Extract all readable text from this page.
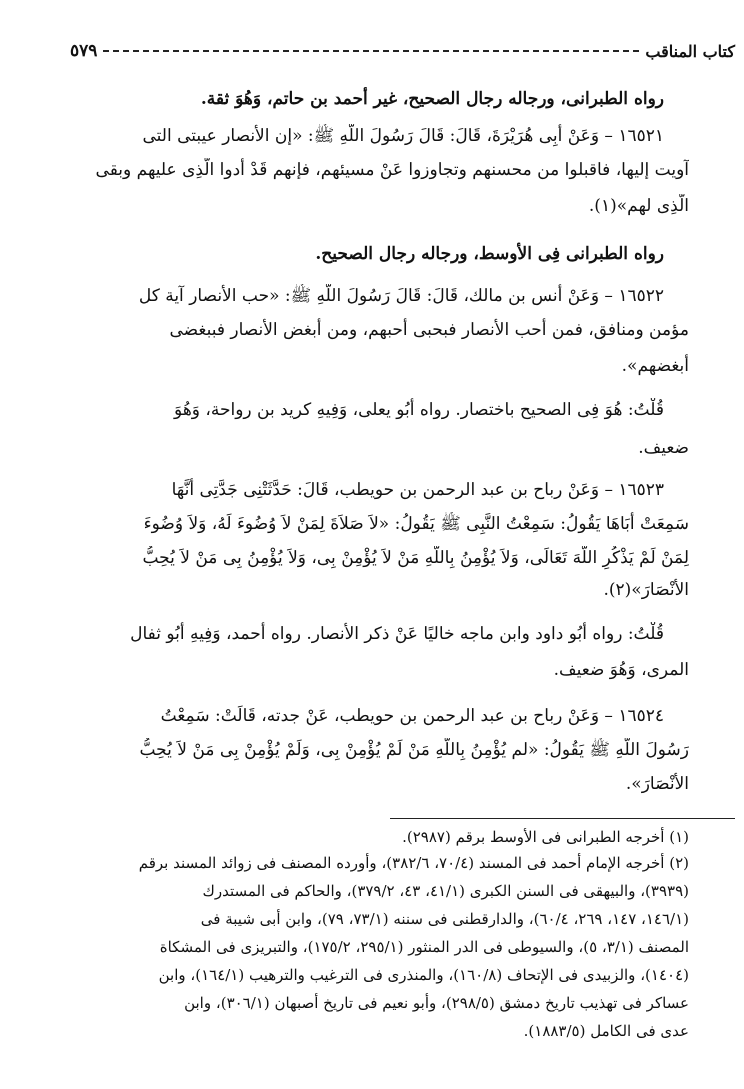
كتاب المناقب
٥٧٩
رواه الطبرانى، ورجاله رجال الصحيح، غير أحمد بن حاتم، وَهُوَ ثقة.
١٦٥٢١ – وَعَنْ أَبِى هُرَيْرَةَ، قَالَ: قَالَ رَسُولَ اللَّهِ ﷺ: «إن الأنصار عيبتى التى
آويت إليها، فاقبلوا من محسنهم وتجاوزوا عَنْ مسيئهم، فإنهم قَدْ أدوا الَّذِى عليهم وبقى
الَّذِى لهم»(١).
رواه الطبرانى فِى الأوسط، ورجاله رجال الصحيح.
١٦٥٢٢ – وَعَنْ أنس بن مالك، قَالَ: قَالَ رَسُولَ اللَّهِ ﷺ: «حب الأنصار آية كل
مؤمن ومنافق، فمن أحب الأنصار فبحبى أحبهم، ومن أبغض الأنصار فببغضى
أبغضهم».
قُلْتُ: هُوَ فِى الصحيح باختصار. رواه أَبُو يعلى، وَفِيهِ كريد بن رواحة، وَهُوَ
ضعيف.
١٦٥٢٣ – وَعَنْ رباح بن عبد الرحمن بن حويطب، قَالَ: حَدَّثَتْنِى جَدَّتِى أَنَّهَا
سَمِعَتْ أَبَاهَا يَقُولُ: سَمِعْتُ النَّبِى ﷺ يَقُولُ: «لاَ صَلاَةَ لِمَنْ لاَ وُضُوءَ لَهُ، وَلاَ وُضُوءَ
لِمَنْ لَمْ يَذْكُرِ اللَّهَ تَعَالَى، وَلاَ يُؤْمِنُ بِاللَّهِ مَنْ لاَ يُؤْمِنْ بِى، وَلاَ يُؤْمِنُ بِى مَنْ لاَ يُحِبُّ
الأَنْصَارَ»(٢).
قُلْتُ: رواه أَبُو داود وابن ماجه خاليًا عَنْ ذكر الأنصار. رواه أحمد، وَفِيهِ أَبُو ثفال
المرى، وَهُوَ ضعيف.
١٦٥٢٤ – وَعَنْ رباح بن عبد الرحمن بن حويطب، عَنْ جدته، قَالَتْ: سَمِعْتُ
رَسُولَ اللَّهِ ﷺ يَقُولُ: «لم يُؤْمِنُ بِاللَّهِ مَنْ لَمْ يُؤْمِنْ بِى، وَلَمْ يُؤْمِنْ بِى مَنْ لاَ يُحِبُّ
الأَنْصَارَ».
(١) أخرجه الطبرانى فى الأوسط برقم (٢٩٨٧).
(٢) أخرجه الإمام أحمد فى المسند (٧٠/٤، ٣٨٢/٦)، وأورده المصنف فى زوائد المسند برقم
(٣٩٣٩)، والبيهقى فى السنن الكبرى (٤١/١، ٤٣، ٣٧٩/٢)، والحاكم فى المستدرك
(١٤٦/١، ١٤٧، ٢٦٩، ٦٠/٤)، والدارقطنى فى سننه (٧٣/١، ٧٩)، وابن أبى شيبة فى
المصنف (٣/١، ٥)، والسيوطى فى الدر المنثور (٢٩٥/١، ١٧٥/٢)، والتبريزى فى المشكاة
(١٤٠٤)، والزبيدى فى الإتحاف (١٦٠/٨)، والمنذرى فى الترغيب والترهيب (١٦٤/١)، وابن
عساكر فى تهذيب تاريخ دمشق (٢٩٨/٥)، وأبو نعيم فى تاريخ أصبهان (٣٠٦/١)، وابن
عدى فى الكامل (١٨٨٣/٥).
